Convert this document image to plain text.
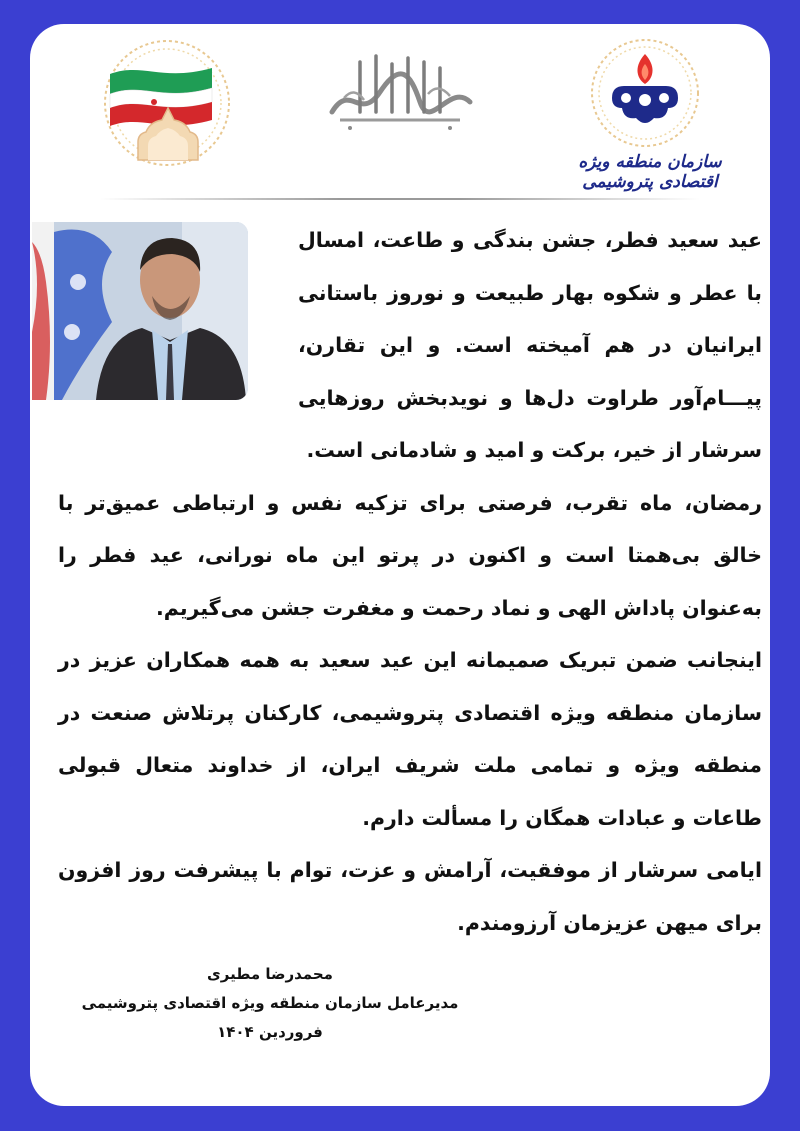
سازمان منطقه ویژه اقتصادی پتروشیمی

عید سعید فطر، جشن بندگی و طاعت، امسال با عطر و شکوه بهار طبیعت و نوروز باستانی ایرانیان در هم آمیخته است. و این تقارن، پیـــام‌آور طراوت دل‌ها و نویدبخش روزهایی سرشار از خیر، برکت و امید و شادمانی است.

رمضان، ماه تقرب، فرصتی برای تزکیه نفس و ارتباطی عمیق‌تر با خالق بی‌همتا است و اکنون در پرتو این ماه نورانی، عید فطر را به‌عنوان پاداش الهی و نماد رحمت و مغفرت جشن می‌گیریم.

اینجانب ضمن تبریک صمیمانه این عید سعید به همه همکاران عزیز در سازمان منطقه ویژه اقتصادی پتروشیمی، کارکنان پرتلاش صنعت در منطقه ویژه و تمامی ملت شریف ایران، از خداوند متعال قبولی طاعات و عبادات همگان را مسألت دارم.

ایامی سرشار از موفقیت، آرامش و عزت، توام با پیشرفت روز افزون برای میهن عزیزمان آرزومندم.

محمدرضا مطیری
مدیرعامل سازمان منطقه ویژه اقتصادی پتروشیمی
فروردین ۱۴۰۴
